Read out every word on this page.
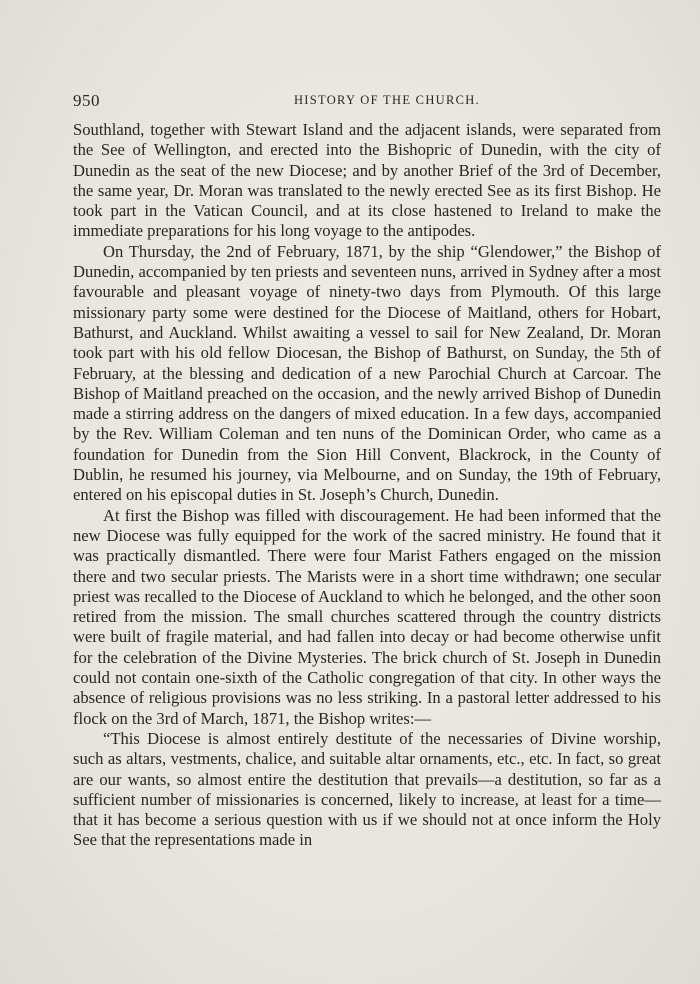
950	HISTORY OF THE CHURCH.

Southland, together with Stewart Island and the adjacent islands, were separated from the See of Wellington, and erected into the Bishopric of Dunedin, with the city of Dunedin as the seat of the new Diocese; and by another Brief of the 3rd of December, the same year, Dr. Moran was translated to the newly erected See as its first Bishop. He took part in the Vatican Council, and at its close hastened to Ireland to make the immediate preparations for his long voyage to the antipodes.

On Thursday, the 2nd of February, 1871, by the ship “Glendower,” the Bishop of Dunedin, accompanied by ten priests and seventeen nuns, arrived in Sydney after a most favourable and pleasant voyage of ninety-two days from Plymouth. Of this large missionary party some were destined for the Diocese of Maitland, others for Hobart, Bathurst, and Auckland. Whilst awaiting a vessel to sail for New Zealand, Dr. Moran took part with his old fellow Diocesan, the Bishop of Bathurst, on Sunday, the 5th of February, at the blessing and dedication of a new Parochial Church at Carcoar. The Bishop of Maitland preached on the occasion, and the newly arrived Bishop of Dunedin made a stirring address on the dangers of mixed education. In a few days, accompanied by the Rev. William Coleman and ten nuns of the Dominican Order, who came as a foundation for Dunedin from the Sion Hill Convent, Blackrock, in the County of Dublin, he resumed his journey, via Melbourne, and on Sunday, the 19th of February, entered on his episcopal duties in St. Joseph’s Church, Dunedin.

At first the Bishop was filled with discouragement. He had been informed that the new Diocese was fully equipped for the work of the sacred ministry. He found that it was practically dismantled. There were four Marist Fathers engaged on the mission there and two secular priests. The Marists were in a short time withdrawn; one secular priest was recalled to the Diocese of Auckland to which he belonged, and the other soon retired from the mission. The small churches scattered through the country districts were built of fragile material, and had fallen into decay or had become otherwise unfit for the celebration of the Divine Mysteries. The brick church of St. Joseph in Dunedin could not contain one-sixth of the Catholic congregation of that city. In other ways the absence of religious provisions was no less striking. In a pastoral letter addressed to his flock on the 3rd of March, 1871, the Bishop writes:—

“This Diocese is almost entirely destitute of the necessaries of Divine worship, such as altars, vestments, chalice, and suitable altar ornaments, etc., etc. In fact, so great are our wants, so almost entire the destitution that prevails—a destitution, so far as a sufficient number of missionaries is concerned, likely to increase, at least for a time—that it has become a serious question with us if we should not at once inform the Holy See that the representations made in
